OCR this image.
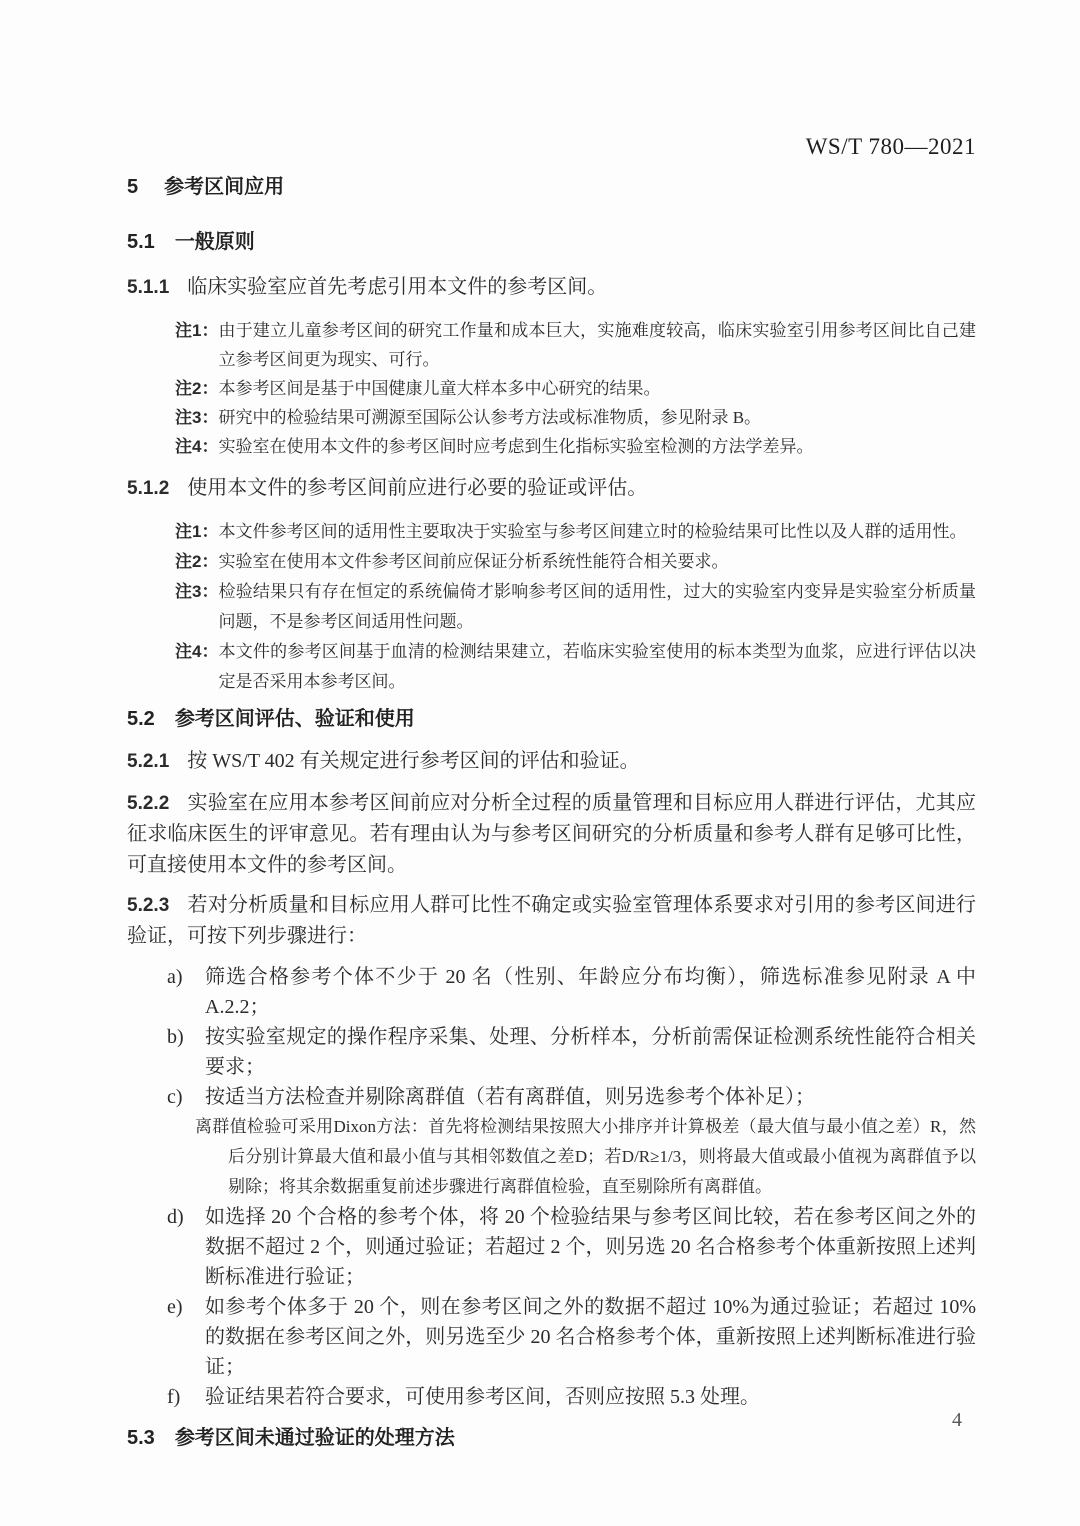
WS/T 780—2021
5 参考区间应用
5.1 一般原则

5.1.1 临床实验室应首先考虑引用本文件的参考区间。

注1： 由于建立儿童参考区间的研究工作量和成本巨大，实施难度较高，临床实验室引用参考区间比自己建立参考区间更为现实、可行。
注2： 本参考区间是基于中国健康儿童大样本多中心研究的结果。
注3： 研究中的检验结果可溯源至国际公认参考方法或标准物质，参见附录 B。
注4： 实验室在使用本文件的参考区间时应考虑到生化指标实验室检测的方法学差异。

5.1.2 使用本文件的参考区间前应进行必要的验证或评估。

注1： 本文件参考区间的适用性主要取决于实验室与参考区间建立时的检验结果可比性以及人群的适用性。
注2： 实验室在使用本文件参考区间前应保证分析系统性能符合相关要求。
注3： 检验结果只有存在恒定的系统偏倚才影响参考区间的适用性，过大的实验室内变异是实验室分析质量问题，不是参考区间适用性问题。
注4： 本文件的参考区间基于血清的检测结果建立，若临床实验室使用的标本类型为血浆，应进行评估以决定是否采用本参考区间。
5.2 参考区间评估、验证和使用

5.2.1 按 WS/T 402 有关规定进行参考区间的评估和验证。

5.2.2 实验室在应用本参考区间前应对分析全过程的质量管理和目标应用人群进行评估，尤其应征求临床医生的评审意见。若有理由认为与参考区间研究的分析质量和参考人群有足够可比性，可直接使用本文件的参考区间。

5.2.3 若对分析质量和目标应用人群可比性不确定或实验室管理体系要求对引用的参考区间进行验证，可按下列步骤进行：

a)	筛选合格参考个体不少于 20 名（性别、年龄应分布均衡），筛选标准参见附录 A 中 A.2.2；
b)	按实验室规定的操作程序采集、处理、分析样本，分析前需保证检测系统性能符合相关要求；
c)	按适当方法检查并剔除离群值（若有离群值，则另选参考个体补足）；
离群值检验可采用Dixon方法：首先将检测结果按照大小排序并计算极差（最大值与最小值之差）R，然后分别计算最大值和最小值与其相邻数值之差D；若D/R≥1/3，则将最大值或最小值视为离群值予以剔除；将其余数据重复前述步骤进行离群值检验，直至剔除所有离群值。
d)	如选择 20 个合格的参考个体，将 20 个检验结果与参考区间比较，若在参考区间之外的数据不超过 2 个，则通过验证；若超过 2 个，则另选 20 名合格参考个体重新按照上述判断标准进行验证；
e)	如参考个体多于 20 个，则在参考区间之外的数据不超过 10%为通过验证；若超过 10%的数据在参考区间之外，则另选至少 20 名合格参考个体，重新按照上述判断标准进行验证；
f)	验证结果若符合要求，可使用参考区间，否则应按照 5.3 处理。
5.3 参考区间未通过验证的处理方法
4
